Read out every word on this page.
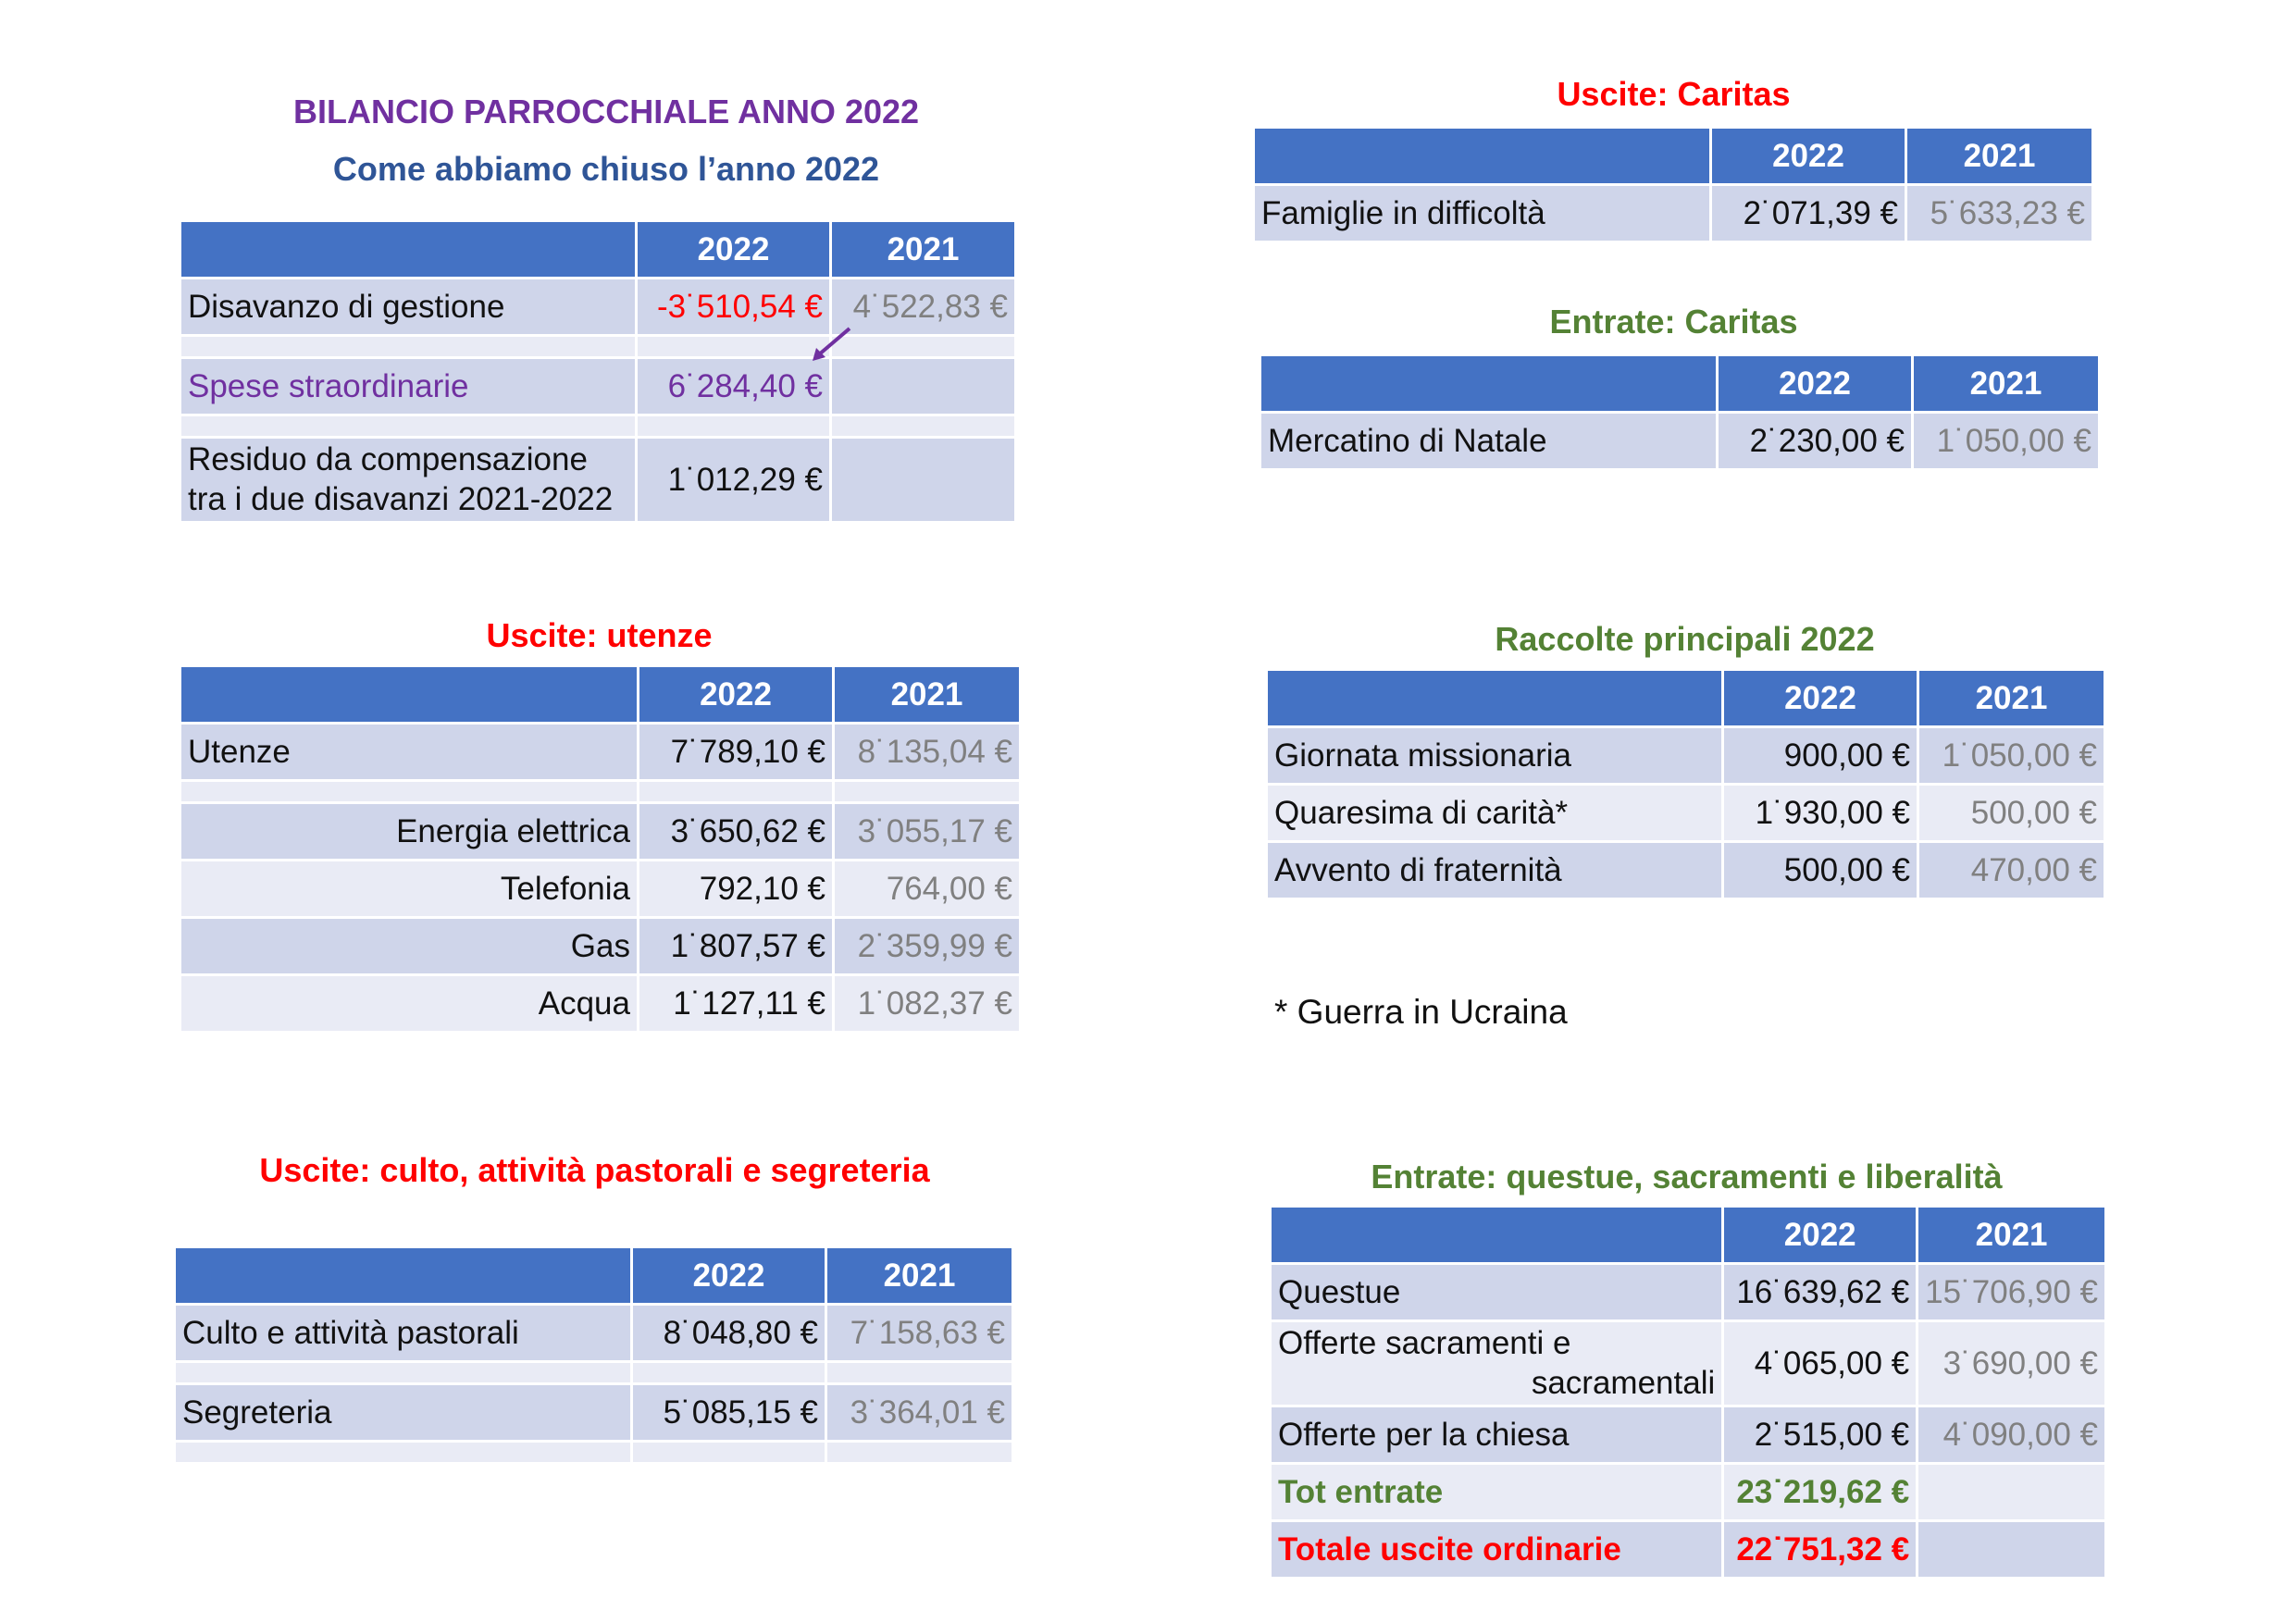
BILANCIO PARROCCHIALE ANNO 2022
Come abbiamo chiuso l’anno 2022
	2022	2021
Disavanzo di gestione	-3˙510,54 €	4˙522,83 €

Spese straordinarie	6˙284,40 €	

Residuo da compensazione
tra i due disavanzi 2021-2022	1˙012,29 €	
Uscite: utenze
	2022	2021
Utenze	7˙789,10 €	8˙135,04 €

Energia elettrica	3˙650,62 €	3˙055,17 €
Telefonia	792,10 €	764,00 €
Gas	1˙807,57 €	2˙359,99 €
Acqua	1˙127,11 €	1˙082,37 €
Uscite: culto, attività pastorali e segreteria
	2022	2021
Culto e attività pastorali	8˙048,80 €	7˙158,63 €

Segreteria	5˙085,15 €	3˙364,01 €

Uscite: Caritas
	2022	2021
Famiglie in difficoltà	2˙071,39 €	5˙633,23 €
Entrate: Caritas
	2022	2021
Mercatino di Natale	2˙230,00 €	1˙050,00 €
Raccolte principali 2022
	2022	2021
Giornata missionaria	900,00 €	1˙050,00 €
Quaresima di carità*	1˙930,00 €	500,00 €
Avvento di fraternità	500,00 €	470,00 €
* Guerra in Ucraina
Entrate: questue, sacramenti e liberalità
	2022	2021
Questue	16˙639,62 €	15˙706,90 €

Offerte sacramenti e
sacramentali	4˙065,00 €	3˙690,00 €
Offerte per la chiesa	2˙515,00 €	4˙090,00 €
Tot entrate	23˙219,62 €	
Totale uscite ordinarie	22˙751,32 €	
